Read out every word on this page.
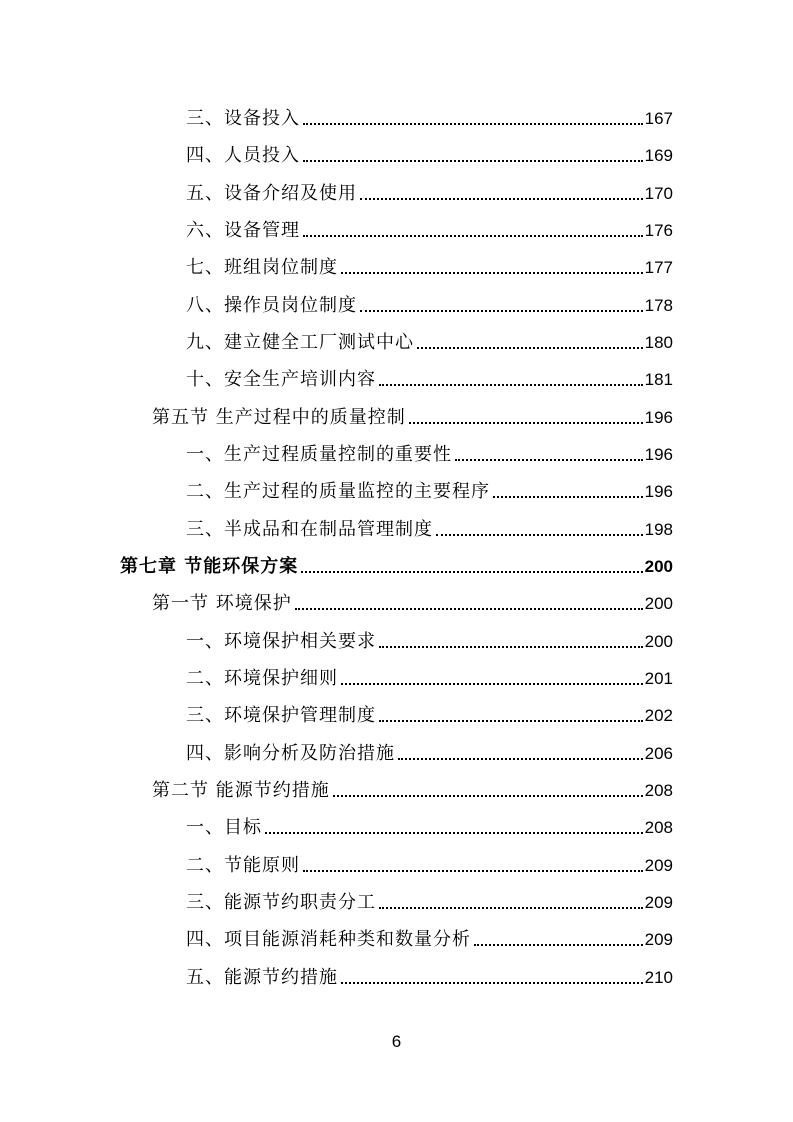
三、设备投入	167
四、人员投入	169
五、设备介绍及使用	170
六、设备管理	176
七、班组岗位制度	177
八、操作员岗位制度	178
九、建立健全工厂测试中心	180
十、安全生产培训内容	181
第五节 生产过程中的质量控制	196
一、生产过程质量控制的重要性	196
二、生产过程的质量监控的主要程序	196
三、半成品和在制品管理制度	198
第七章 节能环保方案	200
第一节 环境保护	200
一、环境保护相关要求	200
二、环境保护细则	201
三、环境保护管理制度	202
四、影响分析及防治措施	206
第二节 能源节约措施	208
一、目标	208
二、节能原则	209
三、能源节约职责分工	209
四、项目能源消耗种类和数量分析	209
五、能源节约措施	210
6
